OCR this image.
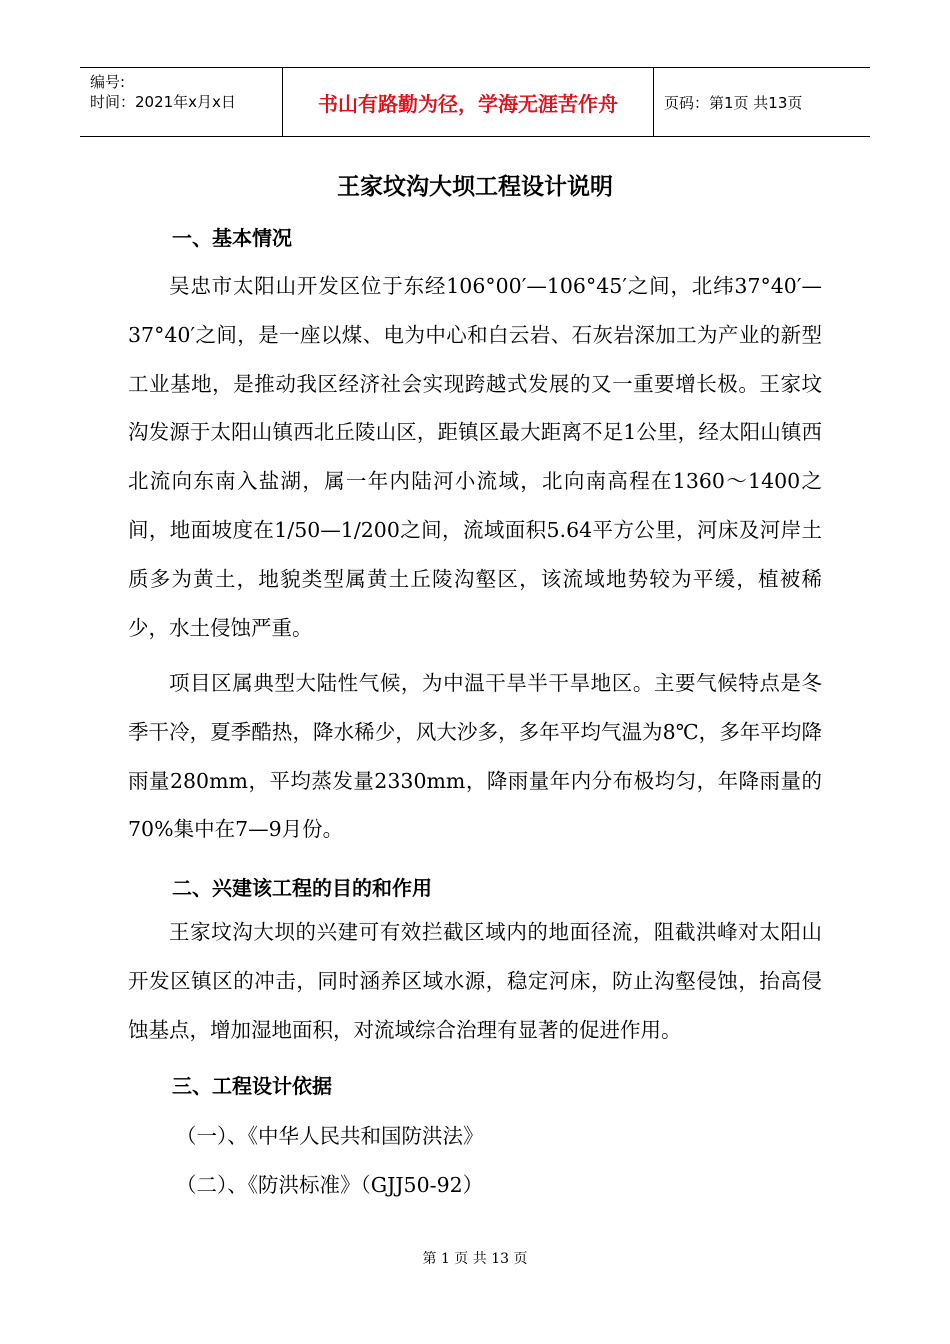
编号:
时间：2021年x月x日	书山有路勤为径，学海无涯苦作舟	页码：第1页 共13页
王家坟沟大坝工程设计说明
一、基本情况

吴忠市太阳山开发区位于东经106°00′—106°45′之间，北纬37°40′—37°40′之间，是一座以煤、电为中心和白云岩、石灰岩深加工为产业的新型工业基地，是推动我区经济社会实现跨越式发展的又一重要增长极。王家坟沟发源于太阳山镇西北丘陵山区，距镇区最大距离不足1公里，经太阳山镇西北流向东南入盐湖，属一年内陆河小流域，北向南高程在1360～1400之间，地面坡度在1/50—1/200之间，流域面积5.64平方公里，河床及河岸土质多为黄土，地貌类型属黄土丘陵沟壑区，该流域地势较为平缓，植被稀少，水土侵蚀严重。

项目区属典型大陆性气候，为中温干旱半干旱地区。主要气候特点是冬季干冷，夏季酷热，降水稀少，风大沙多，多年平均气温为8℃，多年平均降雨量280mm，平均蒸发量2330mm，降雨量年内分布极均匀，年降雨量的70%集中在7—9月份。

二、兴建该工程的目的和作用

王家坟沟大坝的兴建可有效拦截区域内的地面径流，阻截洪峰对太阳山开发区镇区的冲击，同时涵养区域水源，稳定河床，防止沟壑侵蚀，抬高侵蚀基点，增加湿地面积，对流域综合治理有显著的促进作用。

三、工程设计依据
（一）、《中华人民共和国防洪法》
（二）、《防洪标准》（GJJ50-92）
第 1 页 共 13 页
